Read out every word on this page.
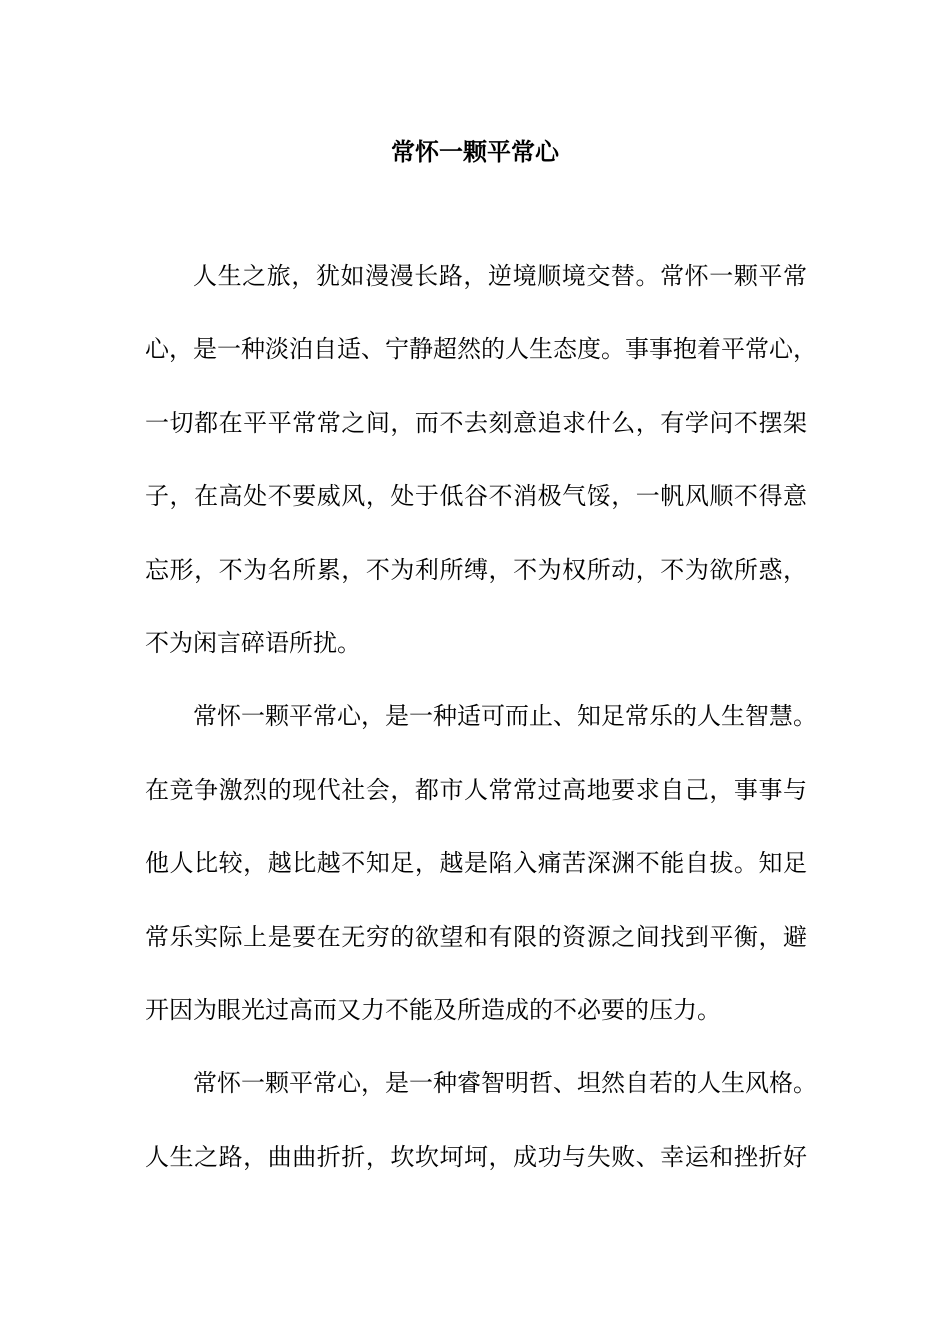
常怀一颗平常心
人生之旅，犹如漫漫长路，逆境顺境交替。常怀一颗平常
心，是一种淡泊自适、宁静超然的人生态度。事事抱着平常心，
一切都在平平常常之间，而不去刻意追求什么，有学问不摆架
子，在高处不要威风，处于低谷不消极气馁，一帆风顺不得意
忘形，不为名所累，不为利所缚，不为权所动，不为欲所惑，
不为闲言碎语所扰。
常怀一颗平常心，是一种适可而止、知足常乐的人生智慧。
在竞争激烈的现代社会，都市人常常过高地要求自己，事事与
他人比较，越比越不知足，越是陷入痛苦深渊不能自拔。知足
常乐实际上是要在无穷的欲望和有限的资源之间找到平衡，避
开因为眼光过高而又力不能及所造成的不必要的压力。
常怀一颗平常心，是一种睿智明哲、坦然自若的人生风格。
人生之路，曲曲折折，坎坎坷坷，成功与失败、幸运和挫折好
